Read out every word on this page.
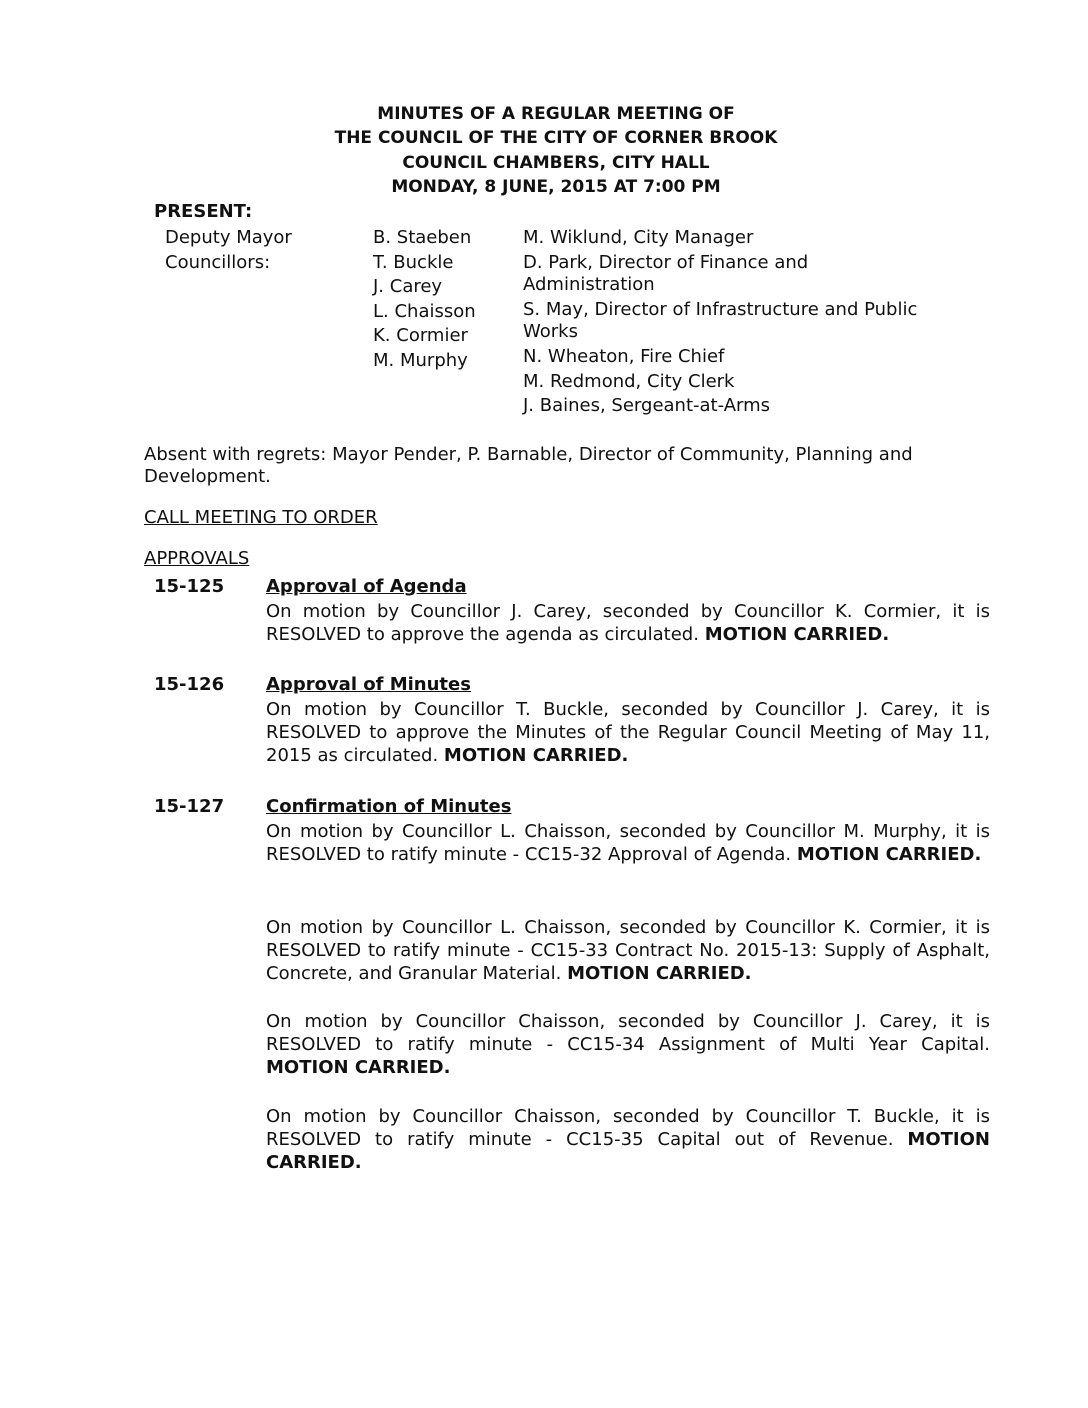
MINUTES OF A REGULAR MEETING OF
THE COUNCIL OF THE CITY OF CORNER BROOK
COUNCIL CHAMBERS, CITY HALL
MONDAY, 8 JUNE, 2015 AT 7:00 PM
PRESENT:
Deputy Mayor
Councillors:
B. Staeben
T. Buckle
J. Carey
L. Chaisson
K. Cormier
M. Murphy
M. Wiklund, City Manager
D. Park, Director of Finance and
Administration
S. May, Director of Infrastructure and Public
Works
N. Wheaton, Fire Chief
M. Redmond, City Clerk
J. Baines, Sergeant-at-Arms
Absent with regrets: Mayor Pender, P. Barnable, Director of Community, Planning and
Development.
CALL MEETING TO ORDER
APPROVALS
15-125 Approval of Agenda
On motion by Councillor J. Carey, seconded by Councillor K. Cormier, it is RESOLVED to approve the agenda as circulated. MOTION CARRIED.
15-126 Approval of Minutes
On motion by Councillor T. Buckle, seconded by Councillor J. Carey, it is RESOLVED to approve the Minutes of the Regular Council Meeting of May 11, 2015 as circulated. MOTION CARRIED.
15-127 Confirmation of Minutes
On motion by Councillor L. Chaisson, seconded by Councillor M. Murphy, it is RESOLVED to ratify minute - CC15-32 Approval of Agenda. MOTION CARRIED.
On motion by Councillor L. Chaisson, seconded by Councillor K. Cormier, it is RESOLVED to ratify minute - CC15-33 Contract No. 2015-13: Supply of Asphalt, Concrete, and Granular Material. MOTION CARRIED.
On motion by Councillor Chaisson, seconded by Councillor J. Carey, it is RESOLVED to ratify minute - CC15-34 Assignment of Multi Year Capital. MOTION CARRIED.
On motion by Councillor Chaisson, seconded by Councillor T. Buckle, it is RESOLVED to ratify minute - CC15-35 Capital out of Revenue. MOTION CARRIED.
